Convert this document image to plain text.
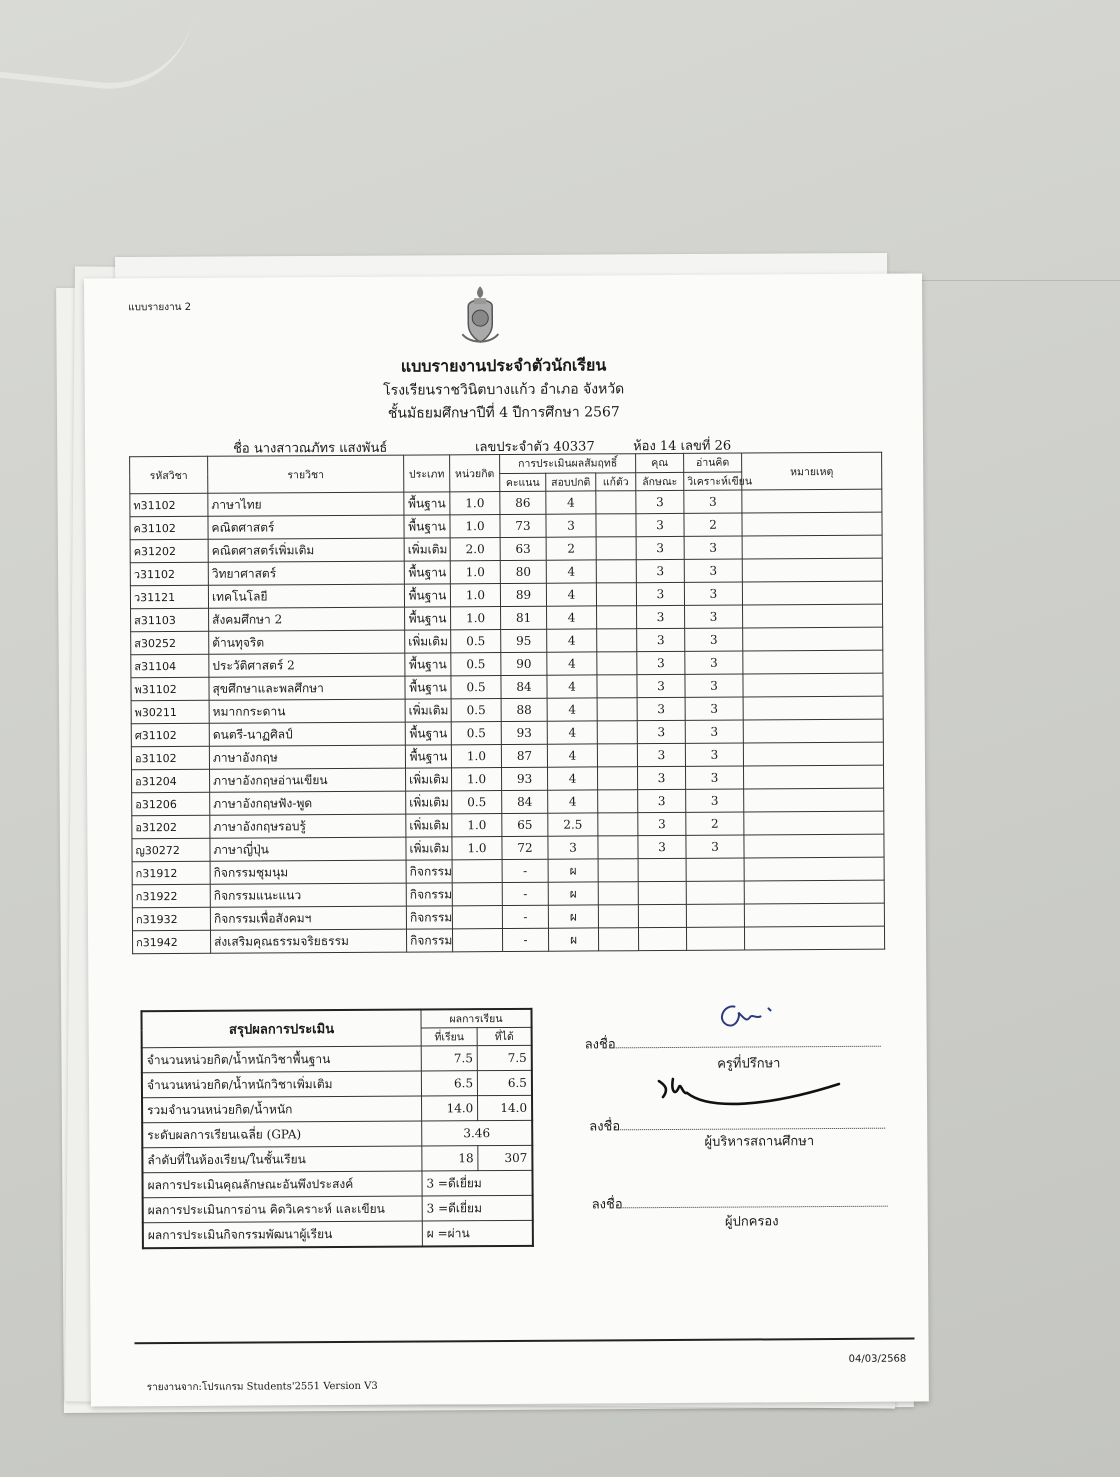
แบบรายงาน 2
แบบรายงานประจำตัวนักเรียน
โรงเรียนราชวินิตบางแก้ว อำเภอ จังหวัด
ชั้นมัธยมศึกษาปีที่ 4 ปีการศึกษา 2567
ชื่อ นางสาวณภัทร แสงพันธ์	เลขประจำตัว 40337	ห้อง 14 เลขที่ 26
รหัสวิชา	รายวิชา	ประเภท	หน่วยกิต	การประเมินผลสัมฤทธิ์			คุณ	อ่านคิด	หมายเหตุ
				คะแนน	สอบปกติ	แก้ตัว	ลักษณะ	วิเคราะห์เขียน	
ท31102	ภาษาไทย	พื้นฐาน	1.0	86	4		3	3	
ค31102	คณิตศาสตร์	พื้นฐาน	1.0	73	3		3	2	
ค31202	คณิตศาสตร์เพิ่มเติม	เพิ่มเติม	2.0	63	2		3	3	
ว31102	วิทยาศาสตร์	พื้นฐาน	1.0	80	4		3	3	
ว31121	เทคโนโลยี	พื้นฐาน	1.0	89	4		3	3	
ส31103	สังคมศึกษา 2	พื้นฐาน	1.0	81	4		3	3	
ส30252	ต้านทุจริต	เพิ่มเติม	0.5	95	4		3	3	
ส31104	ประวัติศาสตร์ 2	พื้นฐาน	0.5	90	4		3	3	
พ31102	สุขศึกษาและพลศึกษา	พื้นฐาน	0.5	84	4		3	3	
พ30211	หมากกระดาน	เพิ่มเติม	0.5	88	4		3	3	
ศ31102	ดนตรี-นาฏศิลป์	พื้นฐาน	0.5	93	4		3	3	
อ31102	ภาษาอังกฤษ	พื้นฐาน	1.0	87	4		3	3	
อ31204	ภาษาอังกฤษอ่านเขียน	เพิ่มเติม	1.0	93	4		3	3	
อ31206	ภาษาอังกฤษฟัง-พูด	เพิ่มเติม	0.5	84	4		3	3	
อ31202	ภาษาอังกฤษรอบรู้	เพิ่มเติม	1.0	65	2.5		3	2	
ญ30272	ภาษาญี่ปุ่น	เพิ่มเติม	1.0	72	3		3	3	
ก31912	กิจกรรมชุมนุม	กิจกรรม		-	ผ				
ก31922	กิจกรรมแนะแนว	กิจกรรม		-	ผ				
ก31932	กิจกรรมเพื่อสังคมฯ	กิจกรรม		-	ผ				
ก31942	ส่งเสริมคุณธรรมจริยธรรม	กิจกรรม		-	ผ				
สรุปผลการประเมิน	ผลการเรียน	
	ที่เรียน	ที่ได้
จำนวนหน่วยกิต/น้ำหนักวิชาพื้นฐาน	7.5	7.5
จำนวนหน่วยกิต/น้ำหนักวิชาเพิ่มเติม	6.5	6.5
รวมจำนวนหน่วยกิต/น้ำหนัก	14.0	14.0
ระดับผลการเรียนเฉลี่ย (GPA)	3.46	
ลำดับที่ในห้องเรียน/ในชั้นเรียน	18	307
ผลการประเมินคุณลักษณะอันพึงประสงค์	3 =ดีเยี่ยม	
ผลการประเมินการอ่าน คิดวิเคราะห์ และเขียน	3 =ดีเยี่ยม	
ผลการประเมินกิจกรรมพัฒนาผู้เรียน	ผ =ผ่าน	
ลงชื่อ
ครูที่ปรึกษา
ลงชื่อ
ผู้บริหารสถานศึกษา
ลงชื่อ
ผู้ปกครอง
04/03/2568
รายงานจาก:โปรแกรม Students'2551 Version V3
